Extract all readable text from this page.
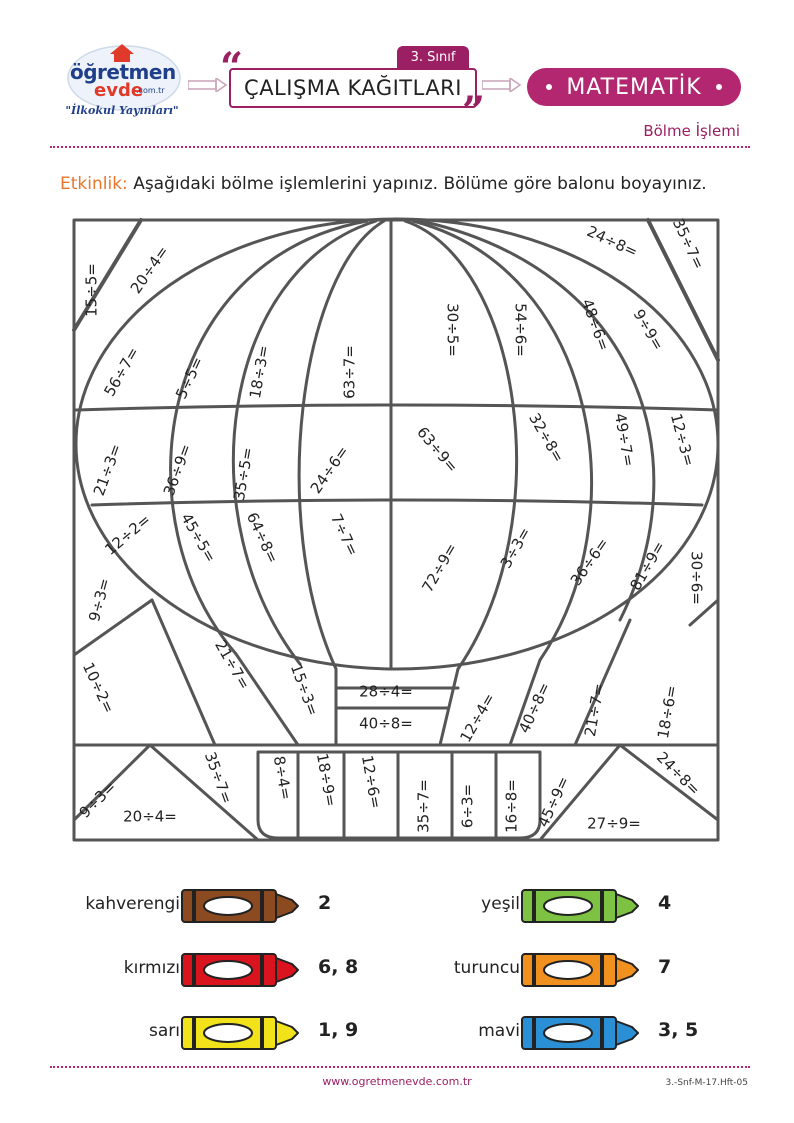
öğretmen
evde
.com.tr
"İlkokul Yayınları"
“
”
3. Sınıf
ÇALIŞMA KAĞITLARI	MATEMATİK
Bölme İşlemi
Etkinlik: Aşağıdaki bölme işlemlerini yapınız. Bölüme göre balonu boyayınız.
15÷5= 20÷4=
56÷7= 5÷5=	18÷3=	63÷7=
30÷5=	54÷6=	48÷6= 9÷9=
24÷8= 35÷7=
21÷3= 36÷9= 35÷5=	24÷6=	63÷9=	32÷8=	49÷7= 12÷3=
12÷2= 45÷5= 64÷8=	7÷7=
72÷9= 3÷3= 36÷6= 81÷9= 30÷6=
9÷3=
10÷2=	21÷7= 15÷3= 28÷4=
40÷8=	12÷4= 40÷8= 21÷7=	18÷6=
9÷3= 20÷4=
35÷7= 8÷4= 18÷9= 12÷6= 35÷7= 6÷3= 16÷8= 45÷9= 27÷9=
24÷8=
kahverengi	2
kırmızı	6, 8
sarı	1, 9
yeşil	4
turuncu	7
mavi	3, 5
www.ogretmenevde.com.tr	3.-Snf-M-17.Hft-05
